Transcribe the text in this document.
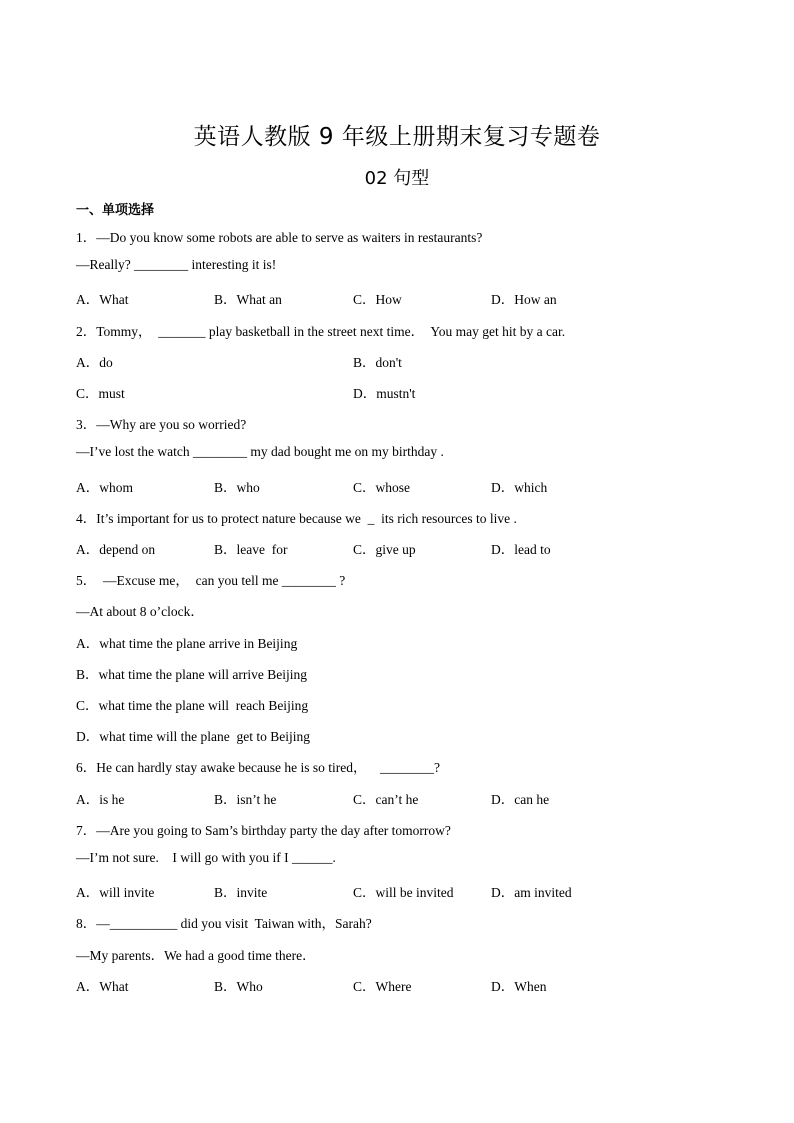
英语人教版 9 年级上册期末复习专题卷
02 句型
一、单项选择
1．—Do you know some robots are able to serve as waiters in restaurants?
—Really? ________ interesting it is!
A．What	B．What an	C．How	D．How an
2．Tommy，  _______ play basketball in the street next time．  You may get hit by a car.
A．do	B．don't
C．must	D．mustn't
3．—Why are you so worried?
—I’ve lost the watch ________ my dad bought me on my birthday .
A．whom	B．who	C．whose	D．which
4．It’s important for us to protect nature because we  _  its rich resources to live .
A．depend on	B．leave  for	C．give up	D．lead to
5．  —Excuse me，  can you tell me ________ ?
—At about 8 o’clock．
A．what time the plane arrive in Beijing
B．what time the plane will arrive Beijing
C．what time the plane will  reach Beijing
D．what time will the plane  get to Beijing
6．He can hardly stay awake because he is so tired，    ________?
A．is he	B．isn’t he	C．can’t he	D．can he
7．—Are you going to Sam’s birthday party the day after tomorrow?
—I’m not sure.    I will go with you if I ______.
A．will invite	B．invite	C．will be invited	D．am invited
8．—__________ did you visit  Taiwan with，Sarah?
—My parents．We had a good time there．
A．What	B．Who	C．Where	D．When
